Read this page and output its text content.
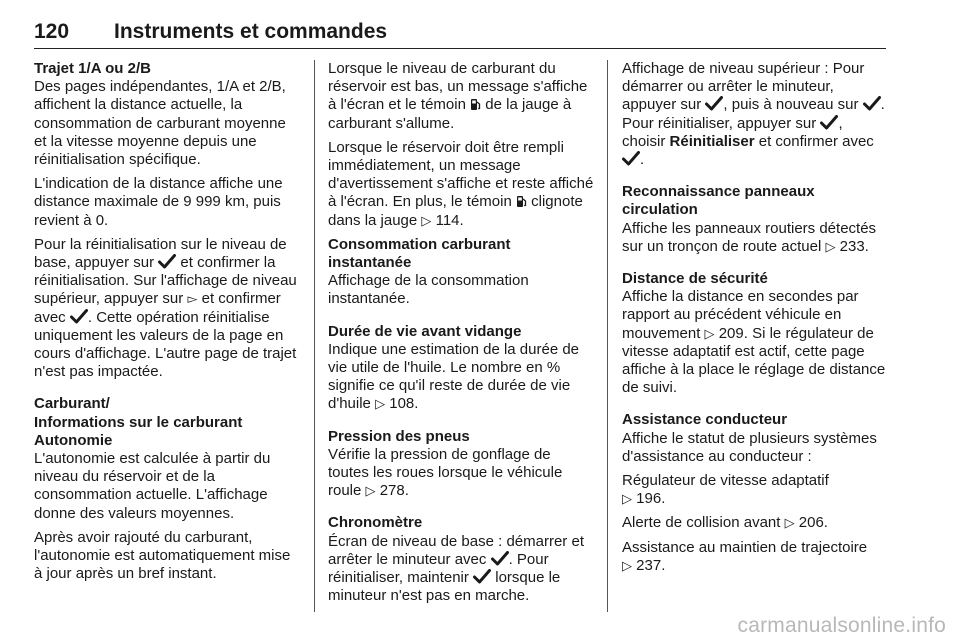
120 Instruments et commandes
Trajet 1/A ou 2/B

Des pages indépendantes, 1/A et 2/B, affichent la distance actuelle, la consommation de carburant moyenne et la vitesse moyenne depuis une réinitialisation spécifique.

L'indication de la distance affiche une distance maximale de 9 999 km, puis revient à 0.

Pour la réinitialisation sur le niveau de base, appuyer sur et confirmer la réinitialisation. Sur l'affichage de niveau supérieur, appuyer sur ▻ et confirmer avec . Cette opération réinitialise uniquement les valeurs de la page en cours d'affichage. L'autre page de trajet n'est pas impactée.

Carburant/
Informations sur le carburant
Autonomie

L'autonomie est calculée à partir du niveau du réservoir et de la consommation actuelle. L'affichage donne des valeurs moyennes.

Après avoir rajouté du carburant, l'autonomie est automatiquement mise à jour après un bref instant.

Lorsque le niveau de carburant du réservoir est bas, un message s'affiche à l'écran et le témoin de la jauge à carburant s'allume.

Lorsque le réservoir doit être rempli immédiatement, un message d'avertissement s'affiche et reste affiché à l'écran. En plus, le témoin clignote dans la jauge ▷ 114.

Consommation carburant
instantanée

Affichage de la consommation instantanée.

Durée de vie avant vidange

Indique une estimation de la durée de vie utile de l'huile. Le nombre en % signifie ce qu'il reste de durée de vie d'huile ▷ 108.

Pression des pneus

Vérifie la pression de gonflage de toutes les roues lorsque le véhicule roule ▷ 278.

Chronomètre

Écran de niveau de base : démarrer et arrêter le minuteur avec . Pour réinitialiser, maintenir lorsque le minuteur n'est pas en marche.

Affichage de niveau supérieur : Pour démarrer ou arrêter le minuteur, appuyer sur , puis à nouveau sur . Pour réinitialiser, appuyer sur , choisir Réinitialiser et confirmer avec
.

Reconnaissance panneaux
circulation

Affiche les panneaux routiers détectés sur un tronçon de route actuel ▷ 233.

Distance de sécurité

Affiche la distance en secondes par rapport au précédent véhicule en mouvement ▷ 209. Si le régulateur de vitesse adaptatif est actif, cette page affiche à la place le réglage de distance de suivi.

Assistance conducteur

Affiche le statut de plusieurs systèmes d'assistance au conducteur :

Régulateur de vitesse adaptatif
▷ 196.

Alerte de collision avant ▷ 206.

Assistance au maintien de trajectoire
▷ 237.

carmanualsonline.info
